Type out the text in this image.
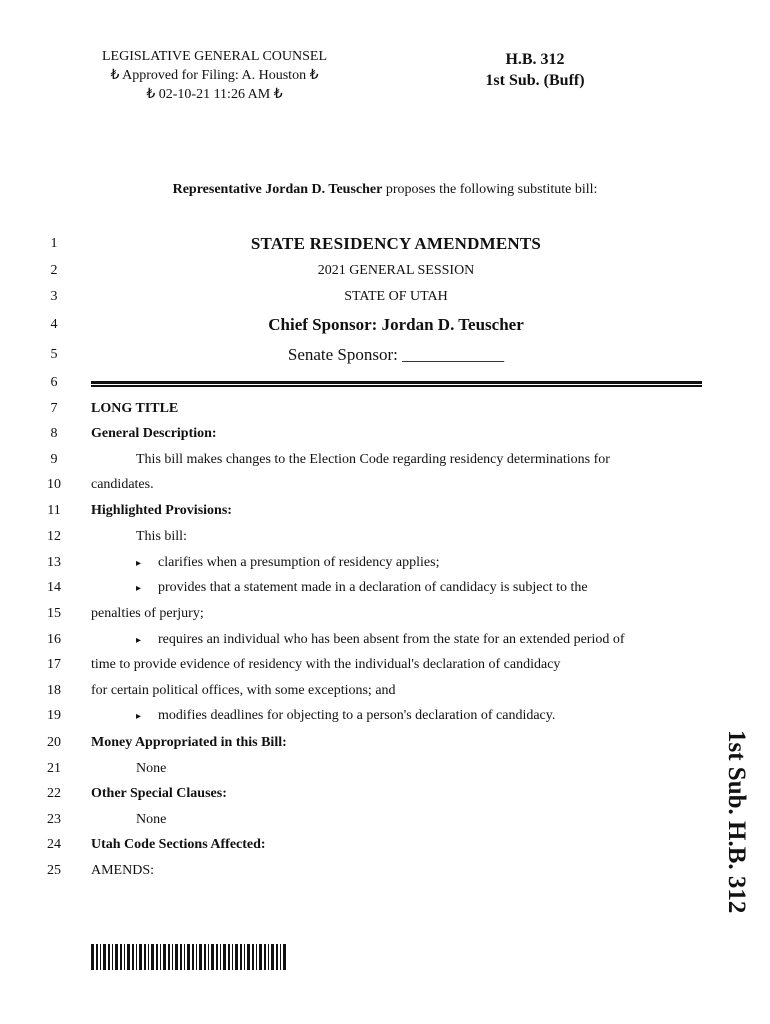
LEGISLATIVE GENERAL COUNSEL
₺ Approved for Filing: A. Houston ₺
₺ 02-10-21 11:26 AM ₺
H.B. 312
1st Sub. (Buff)
Representative Jordan D. Teuscher proposes the following substitute bill:
1
2
3
4
5
6
7
8
9
10
11
12
13
14
15
16
17
18
19
20
21
22
23
24
25
STATE RESIDENCY AMENDMENTS
2021 GENERAL SESSION
STATE OF UTAH
Chief Sponsor: Jordan D. Teuscher
Senate Sponsor: ____________
LONG TITLE
General Description:
This bill makes changes to the Election Code regarding residency determinations for
candidates.
Highlighted Provisions:
This bill:
▸ clarifies when a presumption of residency applies;
▸ provides that a statement made in a declaration of candidacy is subject to the
penalties of perjury;
▸ requires an individual who has been absent from the state for an extended period of
time to provide evidence of residency with the individual's declaration of candidacy
for certain political offices, with some exceptions; and
▸ modifies deadlines for objecting to a person's declaration of candidacy.
Money Appropriated in this Bill:
None
Other Special Clauses:
None
Utah Code Sections Affected:
AMENDS:	1st Sub. H.B. 312
